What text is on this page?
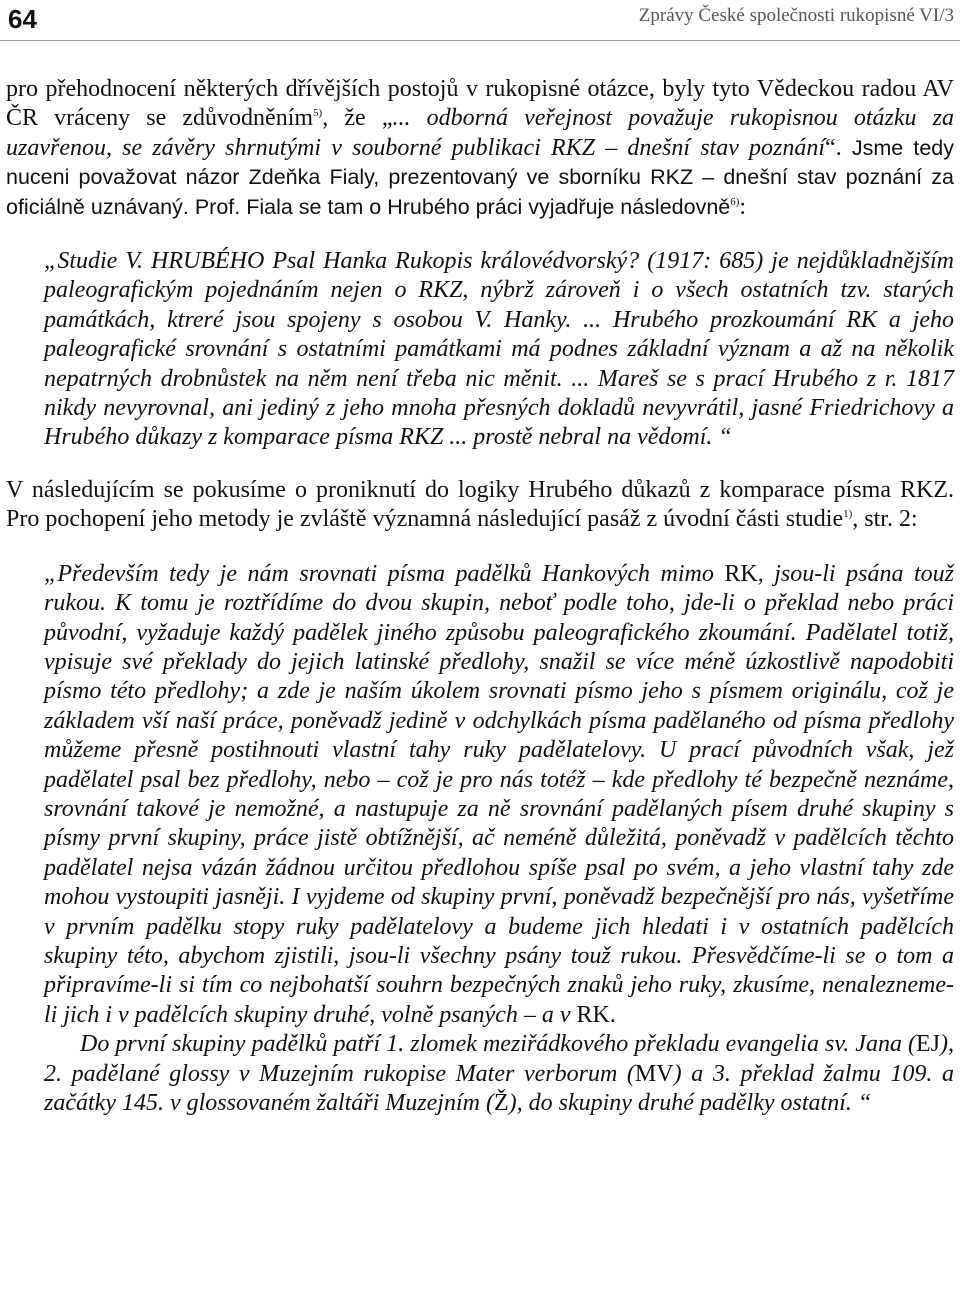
64	Zprávy České společnosti rukopisné VI/3

pro přehodnocení některých dřívějších postojů v rukopisné otázce, byly tyto Vědeckou radou AV ČR vráceny se zdůvodněním$^{5)}$, že „... odborná veřejnost považuje rukopisnou otázku za uzavřenou, se závěry shrnutými v souborné publikaci RKZ – dnešní stav poznání“. Jsme tedy nuceni považovat názor Zdeňka Fialy, prezentovaný ve sborníku RKZ – dnešní stav poznání za oficiálně uznávaný. Prof. Fiala se tam o Hrubého práci vyjadřuje následovně$^{6)}$:

„Studie V. HRUBÉHO Psal Hanka Rukopis královédvorský? (1917: 685) je nejdůkladnějším paleografickým pojednáním nejen o RKZ, nýbrž zároveň i o všech ostatních tzv. starých památkách, ktreré jsou spojeny s osobou V. Hanky. ... Hrubého prozkoumání RK a jeho paleografické srovnání s ostatními památkami má podnes základní význam a až na několik nepatrných drobnůstek na něm není třeba nic měnit. ... Mareš se s prací Hrubého z r. 1817 nikdy nevyrovnal, ani jediný z jeho mnoha přesných dokladů nevyvrátil, jasné Friedrichovy a Hrubého důkazy z komparace písma RKZ ... prostě nebral na vědomí. “

V následujícím se pokusíme o proniknutí do logiky Hrubého důkazů z komparace písma RKZ. Pro pochopení jeho metody je zvláště významná následující pasáž z úvodní části studie$^{1)}$, str. 2:

„Především tedy je nám srovnati písma padělků Hankových mimo RK, jsou-li psána touž rukou. K tomu je roztřídíme do dvou skupin, neboť podle toho, jde-li o překlad nebo práci původní, vyžaduje každý padělek jiného způsobu paleografického zkoumání. Padělatel totiž, vpisuje své překlady do jejich latinské předlohy, snažil se více méně úzkostlivě napodobiti písmo této předlohy; a zde je naším úkolem srovnati písmo jeho s písmem originálu, což je základem vší naší práce, poněvadž jedině v odchylkách písma padělaného od písma předlohy můžeme přesně postihnouti vlastní tahy ruky padělatelovy. U prací původních však, jež padělatel psal bez předlohy, nebo – což je pro nás totéž – kde předlohy té bezpečně neznáme, srovnání takové je nemožné, a nastupuje za ně srovnání padělaných písem druhé skupiny s písmy první skupiny, práce jistě obtížnější, ač neméně důležitá, poněvadž v padělcích těchto padělatel nejsa vázán žádnou určitou předlohou spíše psal po svém, a jeho vlastní tahy zde mohou vystoupiti jasněji. I vyjdeme od skupiny první, poněvadž bezpečnější pro nás, vyšetříme v prvním padělku stopy ruky padělatelovy a budeme jich hledati i v ostatních padělcích skupiny této, abychom zjistili, jsou-li všechny psány touž rukou. Přesvědčíme-li se o tom a připravíme-li si tím co nejbohatší souhrn bezpečných znaků jeho ruky, zkusíme, nenalezneme-li jich i v padělcích skupiny druhé, volně psaných – a v RK.

Do první skupiny padělků patří 1. zlomek meziřádkového překladu evangelia sv. Jana (EJ), 2. padělané glossy v Muzejním rukopise Mater verborum (MV) a 3. překlad žalmu 109. a začátky 145. v glossovaném žaltáři Muzejním (Ž), do skupiny druhé padělky ostatní. “
